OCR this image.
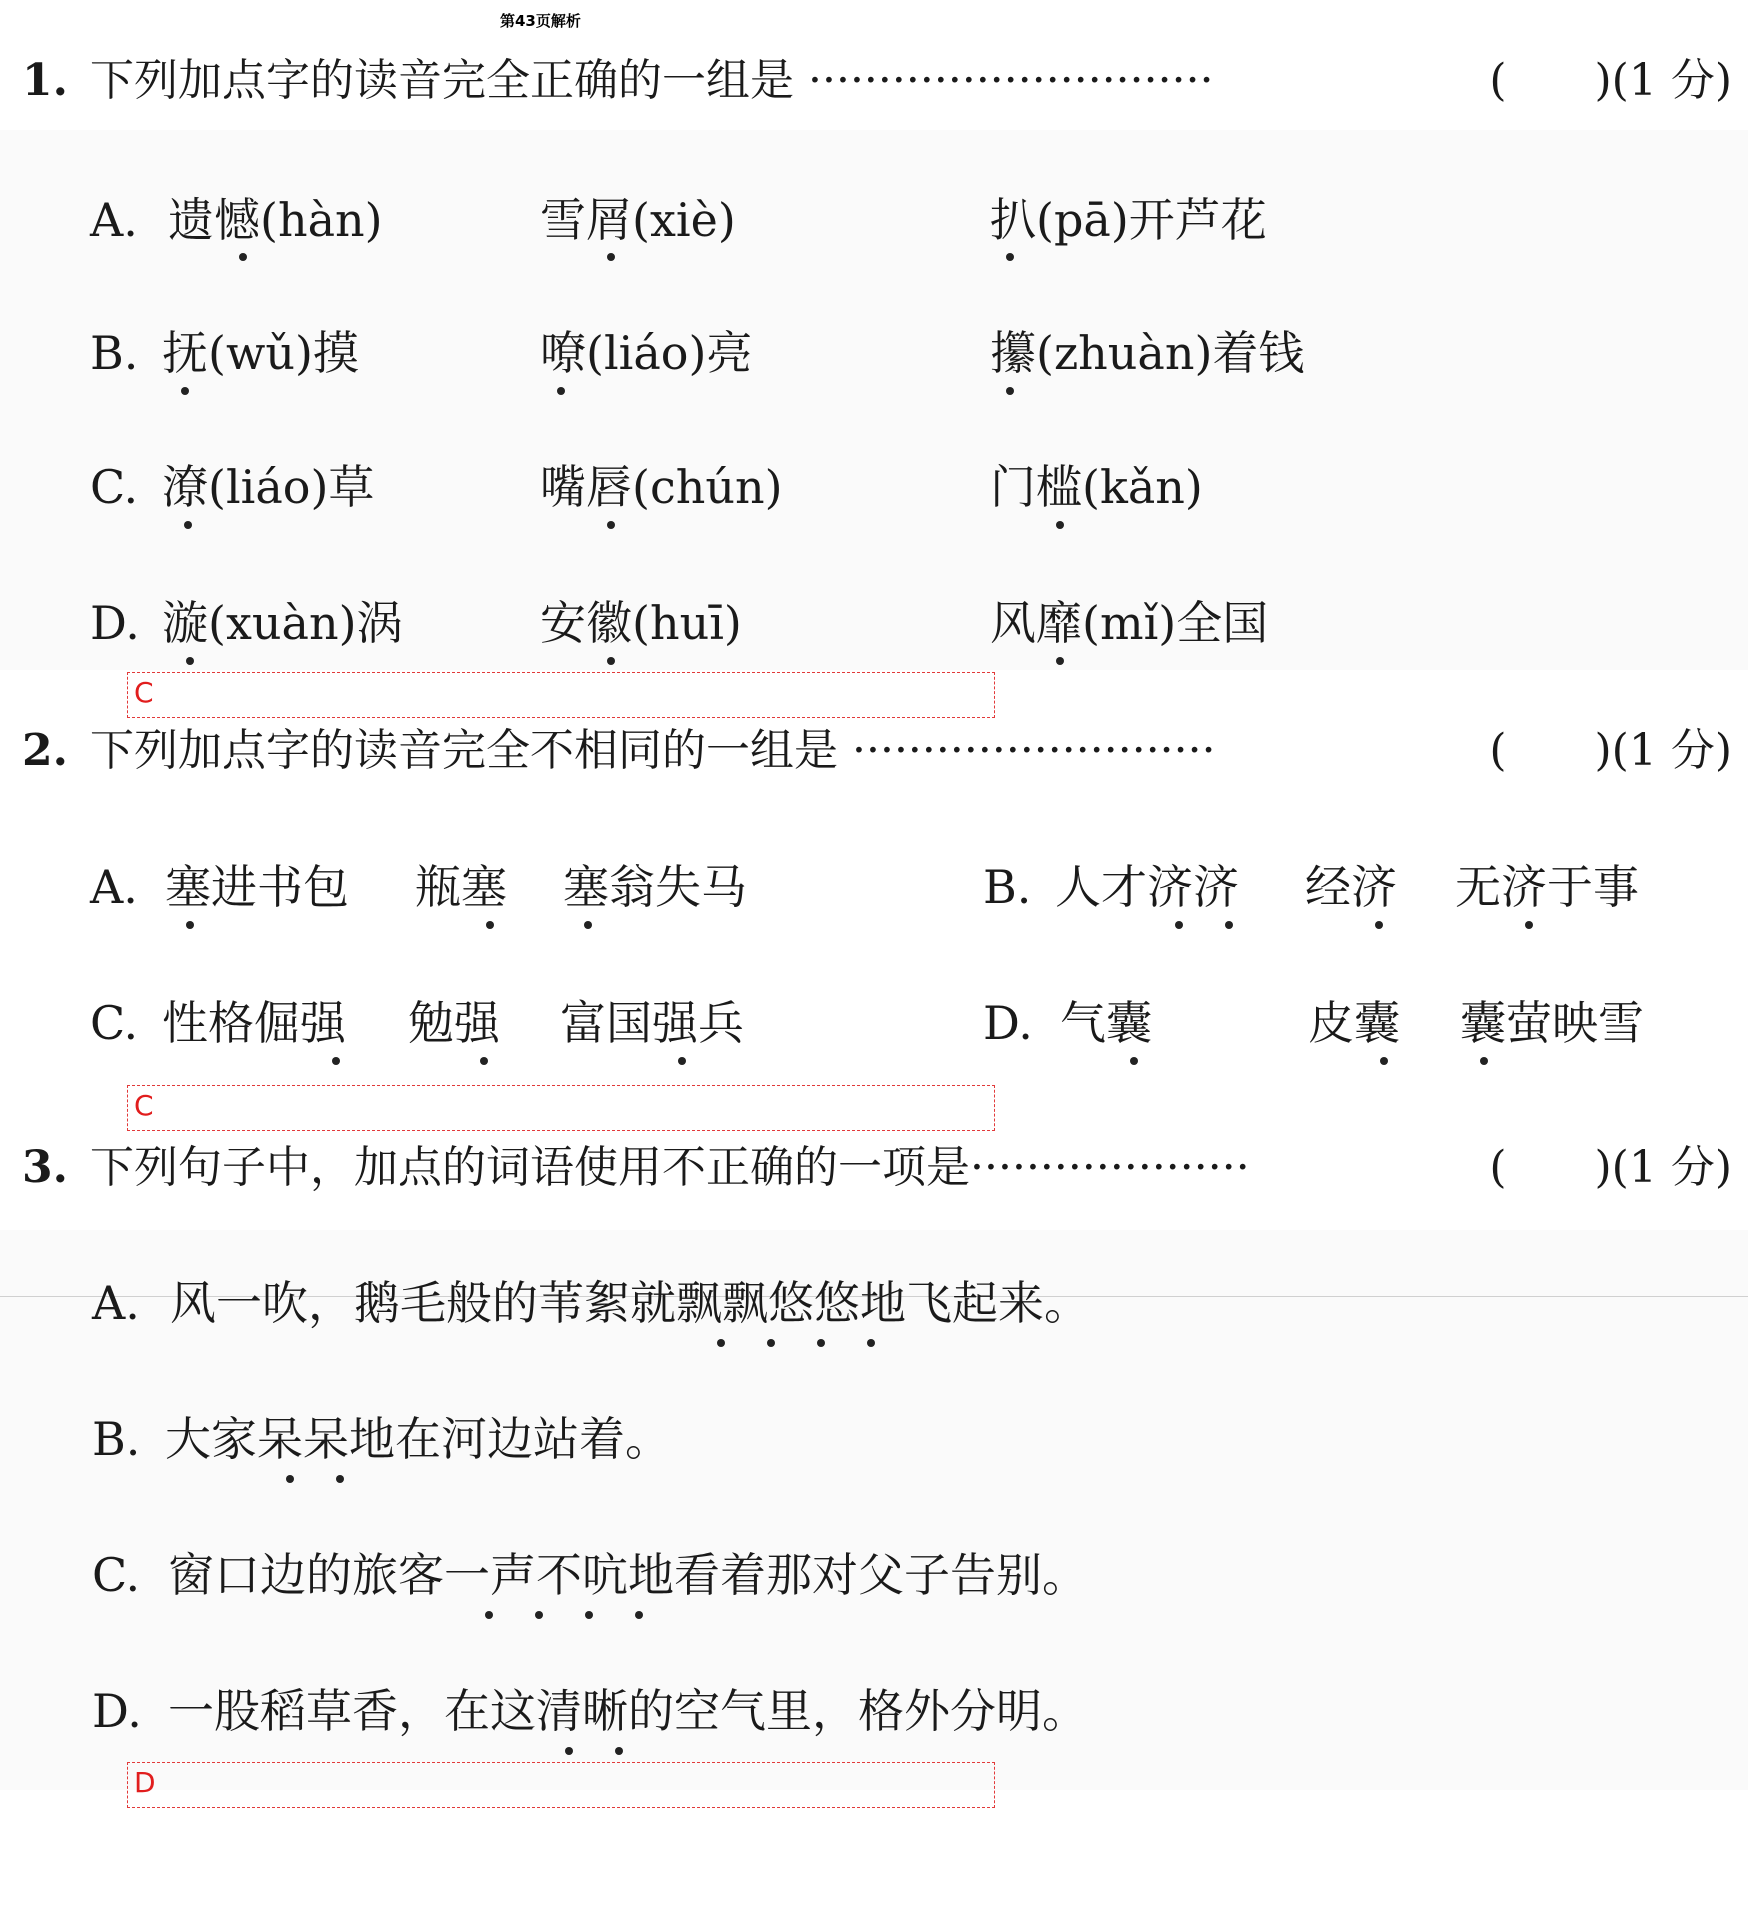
第43页解析
1. 下列加点字的读音完全正确的一组是 ·····························	(　　)(1 分)
A. 遗憾(hàn)	雪屑(xiè)	扒(pā)开芦花
B. 抚(wǔ)摸	嘹(liáo)亮	攥(zhuàn)着钱
C. 潦(liáo)草	嘴唇(chún)	门槛(kǎn)
D. 漩(xuàn)涡	安徽(huī)	风靡(mǐ)全国
C
2. 下列加点字的读音完全不相同的一组是 ··························	(　　)(1 分)
A. 塞进书包 瓶塞 塞翁失马	B. 人才济济 经济 无济于事
C. 性格倔强 勉强 富国强兵	D. 气囊	皮囊 囊萤映雪
C
3. 下列句子中，加点的词语使用不正确的一项是····················	(　　)(1 分)
A. 风一吹，鹅毛般的苇絮就飘飘悠悠地飞起来。
B. 大家呆呆地在河边站着。
C. 窗口边的旅客一声不吭地看着那对父子告别。
D. 一股稻草香，在这清晰的空气里，格外分明。
D
